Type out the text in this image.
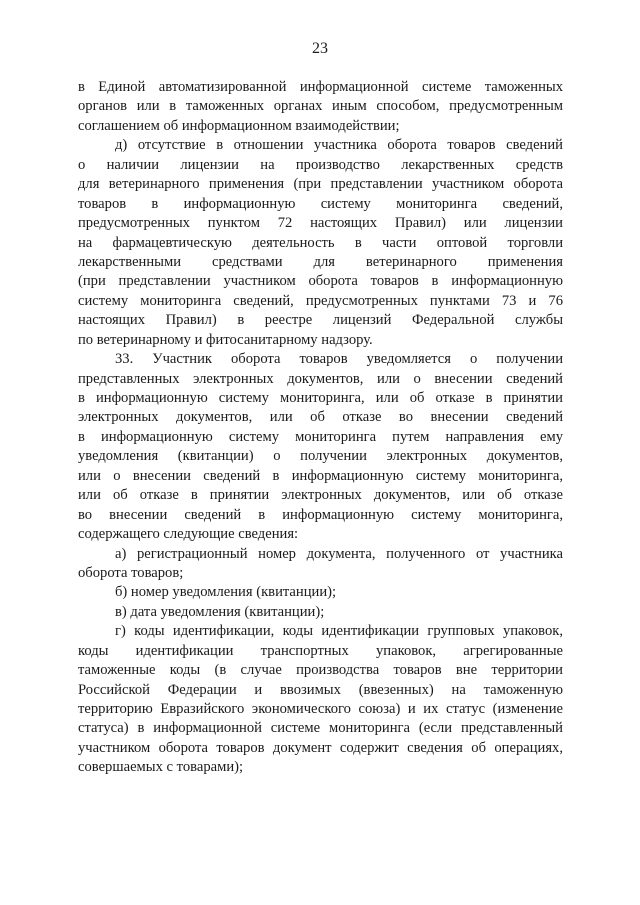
23
в Единой автоматизированной информационной системе таможенных
органов или в таможенных органах иным способом, предусмотренным
соглашением об информационном взаимодействии;
д) отсутствие в отношении участника оборота товаров сведений
о наличии лицензии на производство лекарственных средств
для ветеринарного применения (при представлении участником оборота
товаров в информационную систему мониторинга сведений,
предусмотренных пунктом 72 настоящих Правил) или лицензии
на фармацевтическую деятельность в части оптовой торговли
лекарственными средствами для ветеринарного применения
(при представлении участником оборота товаров в информационную
систему мониторинга сведений, предусмотренных пунктами 73 и 76
настоящих Правил) в реестре лицензий Федеральной службы
по ветеринарному и фитосанитарному надзору.
33. Участник оборота товаров уведомляется о получении
представленных электронных документов, или о внесении сведений
в информационную систему мониторинга, или об отказе в принятии
электронных документов, или об отказе во внесении сведений
в информационную систему мониторинга путем направления ему
уведомления (квитанции) о получении электронных документов,
или о внесении сведений в информационную систему мониторинга,
или об отказе в принятии электронных документов, или об отказе
во внесении сведений в информационную систему мониторинга,
содержащего следующие сведения:
а) регистрационный номер документа, полученного от участника
оборота товаров;
б) номер уведомления (квитанции);
в) дата уведомления (квитанции);
г) коды идентификации, коды идентификации групповых упаковок,
коды идентификации транспортных упаковок, агрегированные
таможенные коды (в случае производства товаров вне территории
Российской Федерации и ввозимых (ввезенных) на таможенную
территорию Евразийского экономического союза) и их статус (изменение
статуса) в информационной системе мониторинга (если представленный
участником оборота товаров документ содержит сведения об операциях,
совершаемых с товарами);
